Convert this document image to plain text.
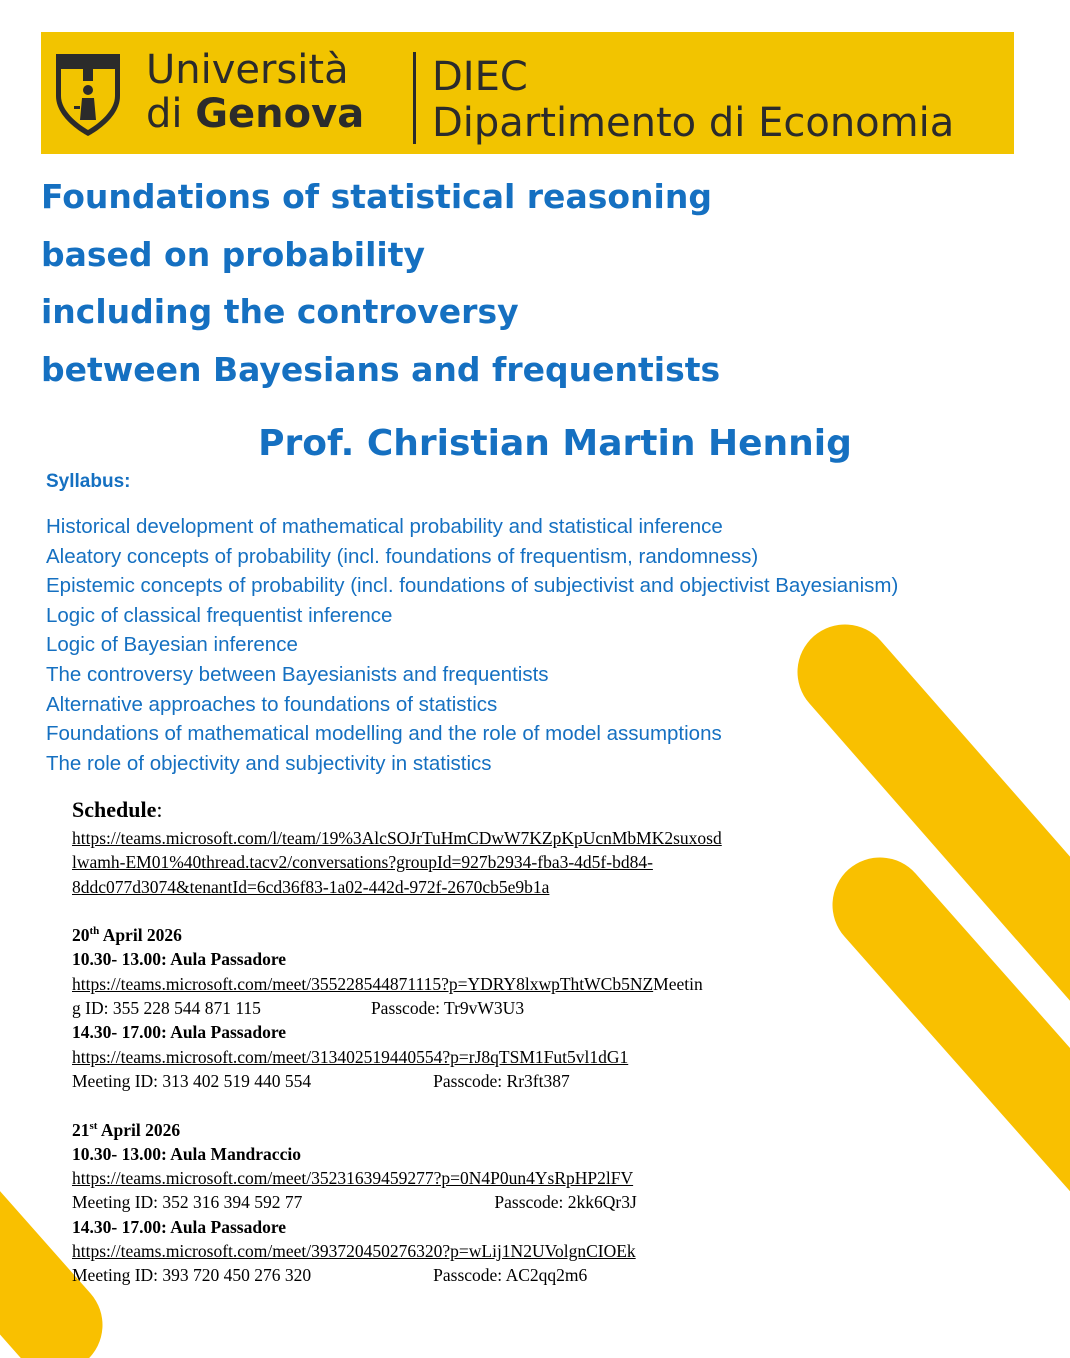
Università
di Genova
DIEC
Dipartimento di Economia
Foundations of statistical reasoning
based on probability
including the controversy
between Bayesians and frequentists
Prof. Christian Martin Hennig
Syllabus:
Historical development of mathematical probability and statistical inference
Aleatory concepts of probability (incl. foundations of frequentism, randomness)
Epistemic concepts of probability (incl. foundations of subjectivist and objectivist Bayesianism)
Logic of classical frequentist inference
Logic of Bayesian inference
The controversy between Bayesianists and frequentists
Alternative approaches to foundations of statistics
Foundations of mathematical modelling and the role of model assumptions
The role of objectivity and subjectivity in statistics
Schedule:
https://teams.microsoft.com/l/team/19%3AlcSOJrTuHmCDwW7KZpKpUcnMbMK2suxosd
lwamh-EM01%40thread.tacv2/conversations?groupId=927b2934-fba3-4d5f-bd84-
8ddc077d3074&tenantId=6cd36f83-1a02-442d-972f-2670cb5e9b1a
20th April 2026
10.30- 13.00: Aula Passadore
https://teams.microsoft.com/meet/355228544871115?p=YDRY8lxwpThtWCb5NZMeetin
g ID: 355 228 544 871 115	Passcode: Tr9vW3U3
14.30- 17.00: Aula Passadore
https://teams.microsoft.com/meet/313402519440554?p=rJ8qTSM1Fut5vl1dG1
Meeting ID: 313 402 519 440 554	Passcode: Rr3ft387
21st April 2026
10.30- 13.00: Aula Mandraccio
https://teams.microsoft.com/meet/35231639459277?p=0N4P0un4YsRpHP2lFV
Meeting ID: 352 316 394 592 77	Passcode: 2kk6Qr3J
14.30- 17.00: Aula Passadore
https://teams.microsoft.com/meet/393720450276320?p=wLij1N2UVolgnCIOEk
Meeting ID: 393 720 450 276 320	Passcode: AC2qq2m6
